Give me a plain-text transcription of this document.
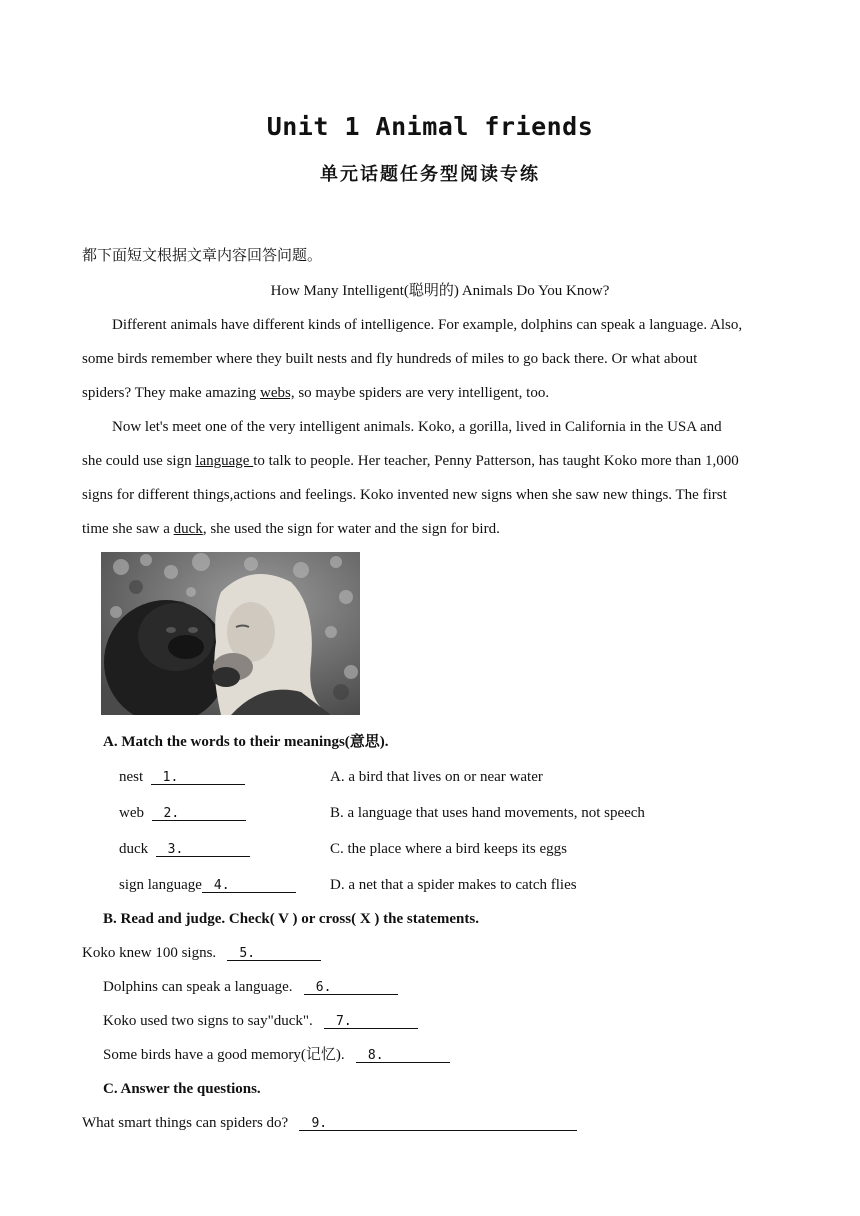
Unit 1 Animal friends
单元话题任务型阅读专练
都下面短文根据文章内容回答问题。
How Many Intelligent(聪明的) Animals Do You Know?
Different animals have different kinds of intelligence. For example, dolphins can speak a language. Also,
some birds remember where they built nests and fly hundreds of miles to go back there. Or what about
spiders? They make amazing webs, so maybe spiders are very intelligent, too.
Now let's meet one of the very intelligent animals. Koko, a gorilla, lived in California in the USA and
she could use sign language to talk to people. Her teacher, Penny Patterson, has taught Koko more than 1,000
signs for different things,actions and feelings. Koko invented new signs when she saw new things. The first
time she saw a duck, she used the sign for water and the sign for bird.
A. Match the words to their meanings(意思).
nest 1.
web 2.
duck 3.
sign language 4.
A. a bird that lives on or near water
B. a language that uses hand movements, not speech
C. the place where a bird keeps its eggs
D. a net that a spider makes to catch flies
B. Read and judge. Check( V ) or cross( X ) the statements.
Koko knew 100 signs. 5.
Dolphins can speak a language. 6.
Koko used two signs to say"duck". 7.
Some birds have a good memory(记忆). 8.
C. Answer the questions.
What smart things can spiders do? 9.
